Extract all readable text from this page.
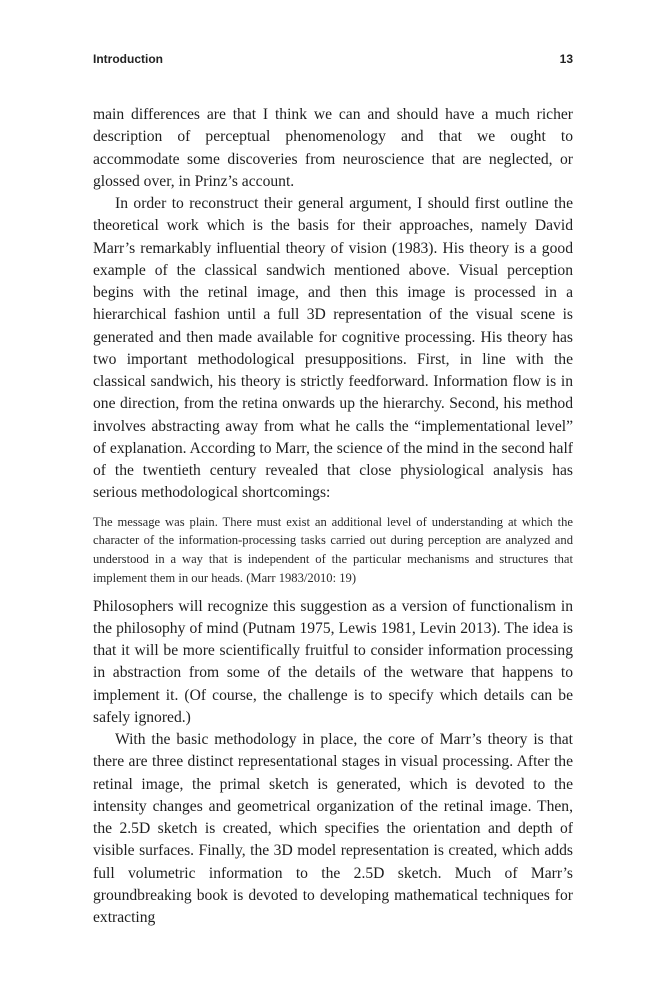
Introduction	13

main differences are that I think we can and should have a much richer description of perceptual phenomenology and that we ought to accommodate some discoveries from neuroscience that are neglected, or glossed over, in Prinz’s account.

In order to reconstruct their general argument, I should first outline the theoretical work which is the basis for their approaches, namely David Marr’s remarkably influential theory of vision (1983). His theory is a good example of the classical sandwich mentioned above. Visual perception begins with the retinal image, and then this image is processed in a hierarchical fashion until a full 3D representation of the visual scene is generated and then made available for cognitive processing. His theory has two important methodological presuppositions. First, in line with the classical sandwich, his theory is strictly feedforward. Information flow is in one direction, from the retina onwards up the hierarchy. Second, his method involves abstracting away from what he calls the “implementational level” of explanation. According to Marr, the science of the mind in the second half of the twentieth century revealed that close physiological analysis has serious methodological shortcomings:

The message was plain. There must exist an additional level of understanding at which the character of the information-processing tasks carried out during perception are analyzed and understood in a way that is independent of the particular mechanisms and structures that implement them in our heads. (Marr 1983/2010: 19)

Philosophers will recognize this suggestion as a version of functionalism in the philosophy of mind (Putnam 1975, Lewis 1981, Levin 2013). The idea is that it will be more scientifically fruitful to consider information processing in abstraction from some of the details of the wetware that happens to implement it. (Of course, the challenge is to specify which details can be safely ignored.)

With the basic methodology in place, the core of Marr’s theory is that there are three distinct representational stages in visual processing. After the retinal image, the primal sketch is generated, which is devoted to the intensity changes and geometrical organization of the retinal image. Then, the 2.5D sketch is created, which specifies the orientation and depth of visible surfaces. Finally, the 3D model representation is created, which adds full volumetric information to the 2.5D sketch. Much of Marr’s groundbreaking book is devoted to developing mathematical techniques for extracting
